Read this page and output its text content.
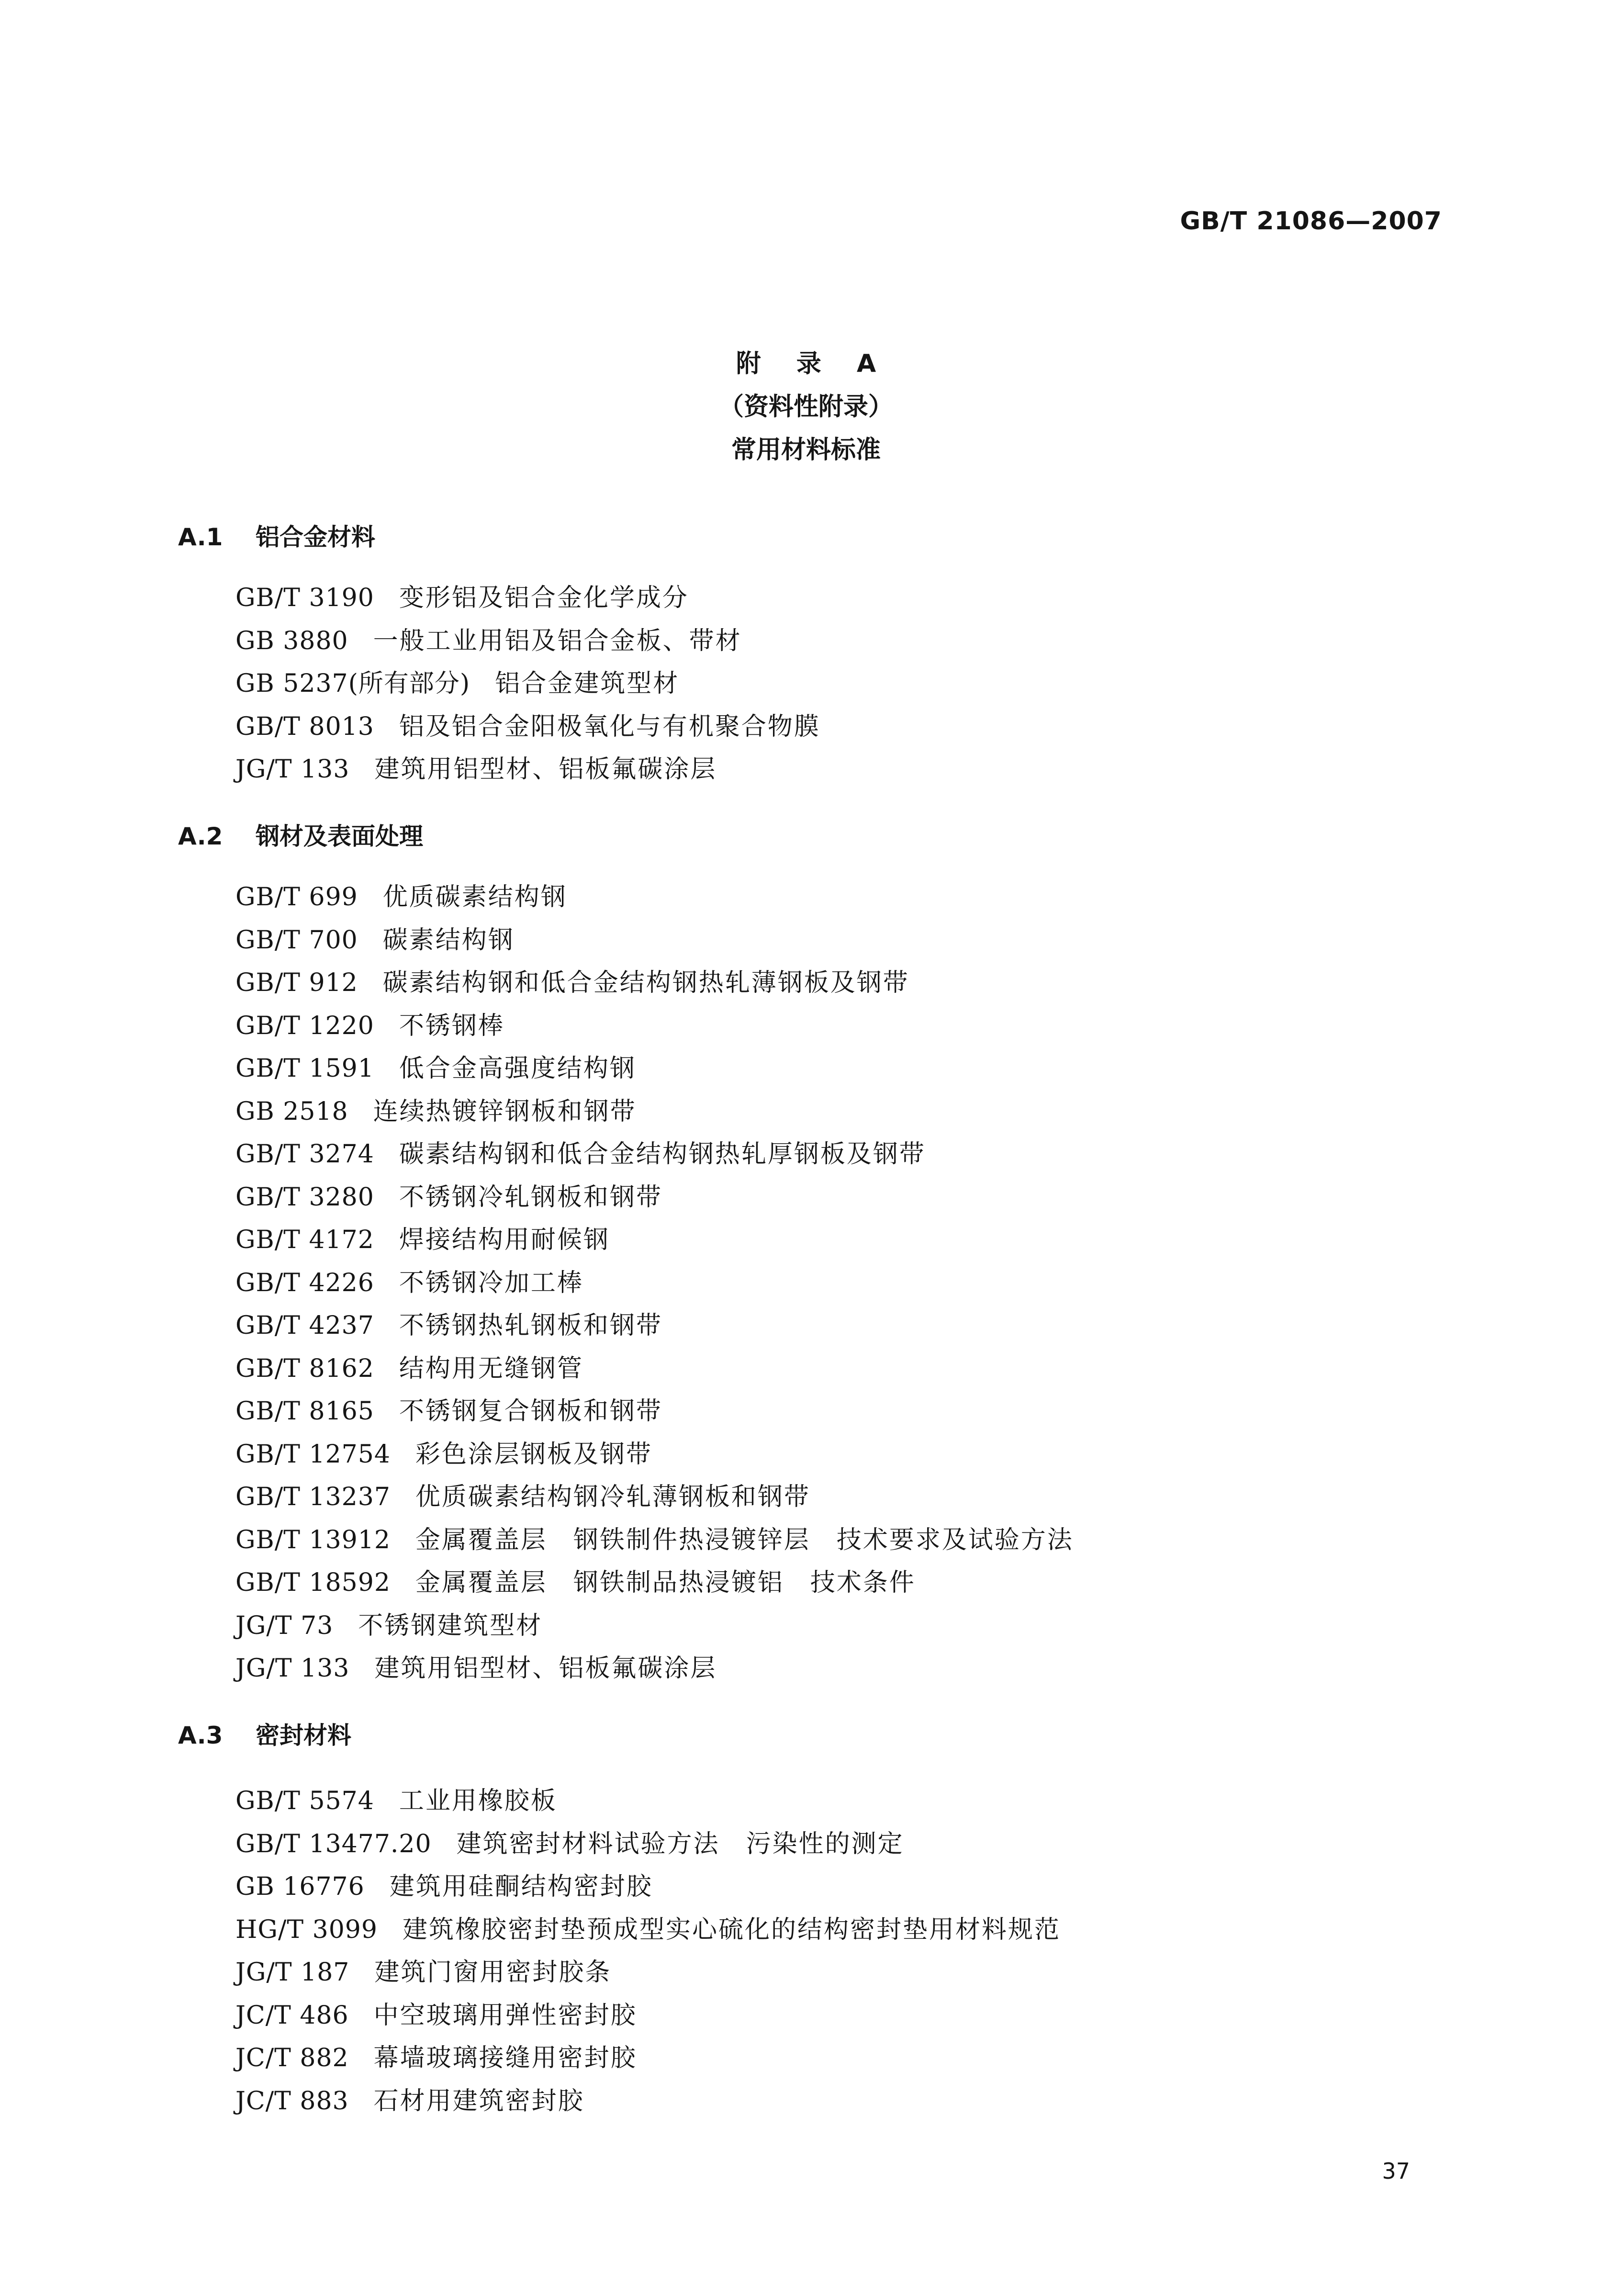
GB/T 21086—2007
附 录 A
（资料性附录）
常用材料标准
A.1 铝合金材料
GB/T 3190 变形铝及铝合金化学成分
GB 3880 一般工业用铝及铝合金板、带材
GB 5237(所有部分) 铝合金建筑型材
GB/T 8013 铝及铝合金阳极氧化与有机聚合物膜
JG/T 133 建筑用铝型材、铝板氟碳涂层
A.2 钢材及表面处理
GB/T 699 优质碳素结构钢
GB/T 700 碳素结构钢
GB/T 912 碳素结构钢和低合金结构钢热轧薄钢板及钢带
GB/T 1220 不锈钢棒
GB/T 1591 低合金高强度结构钢
GB 2518 连续热镀锌钢板和钢带
GB/T 3274 碳素结构钢和低合金结构钢热轧厚钢板及钢带
GB/T 3280 不锈钢冷轧钢板和钢带
GB/T 4172 焊接结构用耐候钢
GB/T 4226 不锈钢冷加工棒
GB/T 4237 不锈钢热轧钢板和钢带
GB/T 8162 结构用无缝钢管
GB/T 8165 不锈钢复合钢板和钢带
GB/T 12754 彩色涂层钢板及钢带
GB/T 13237 优质碳素结构钢冷轧薄钢板和钢带
GB/T 13912 金属覆盖层　钢铁制件热浸镀锌层　技术要求及试验方法
GB/T 18592 金属覆盖层　钢铁制品热浸镀铝　技术条件
JG/T 73 不锈钢建筑型材
JG/T 133 建筑用铝型材、铝板氟碳涂层
A.3 密封材料
GB/T 5574 工业用橡胶板
GB/T 13477.20 建筑密封材料试验方法　污染性的测定
GB 16776 建筑用硅酮结构密封胶
HG/T 3099 建筑橡胶密封垫预成型实心硫化的结构密封垫用材料规范
JG/T 187 建筑门窗用密封胶条
JC/T 486 中空玻璃用弹性密封胶
JC/T 882 幕墙玻璃接缝用密封胶
JC/T 883 石材用建筑密封胶
37
